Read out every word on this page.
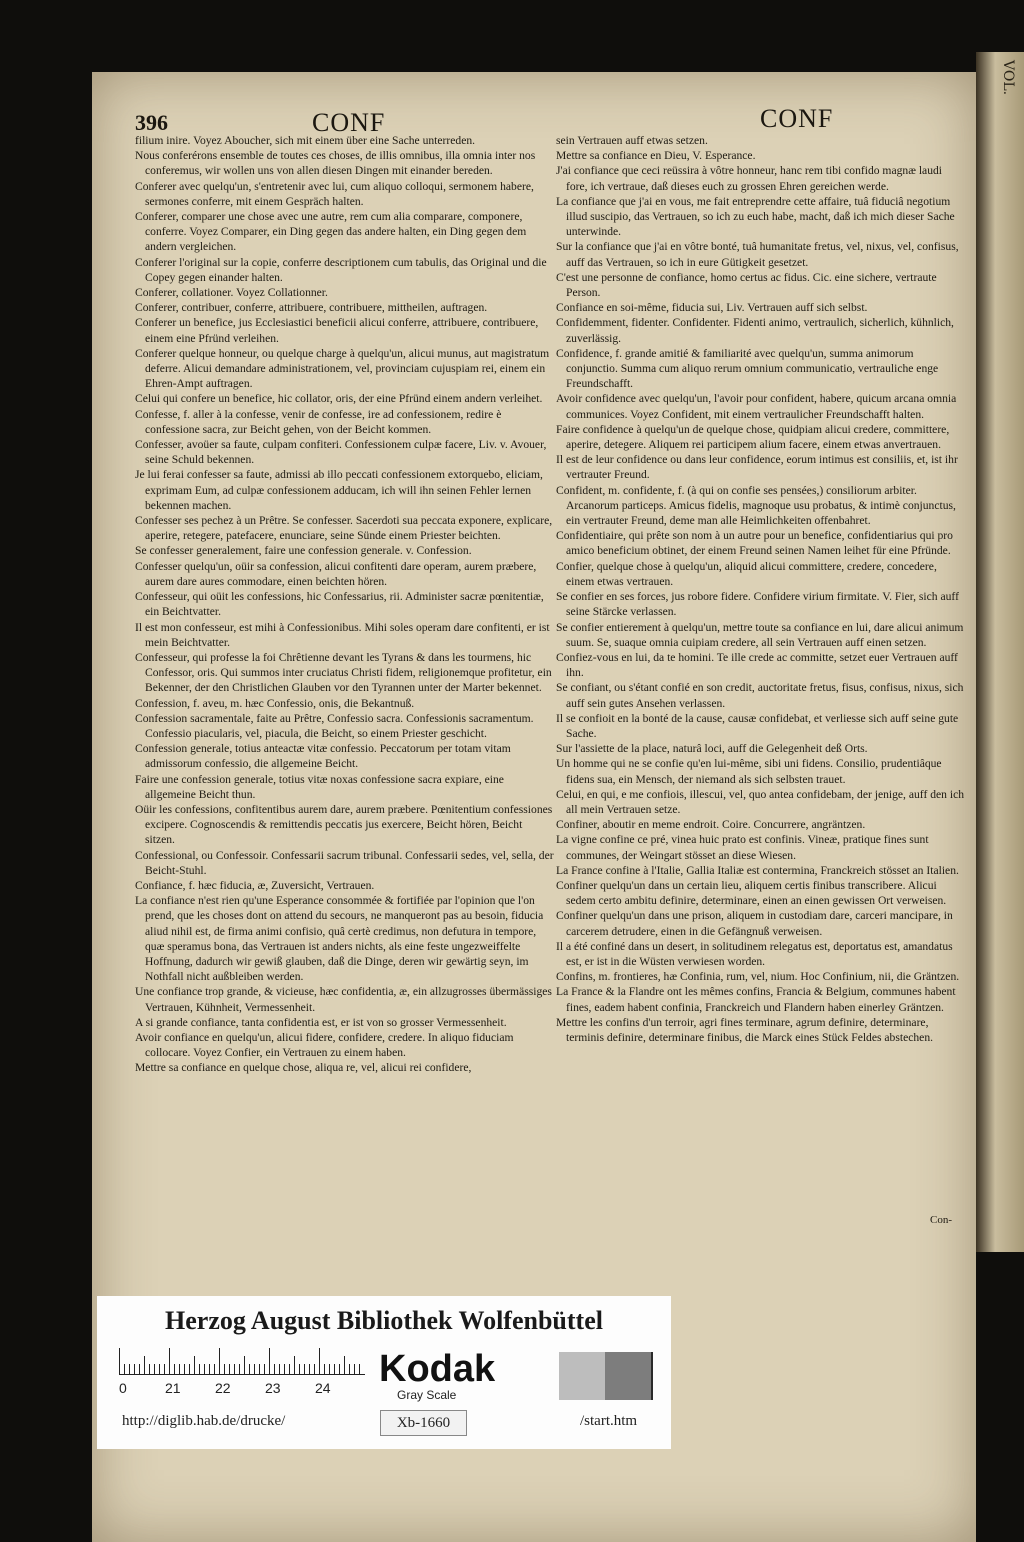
VOL.
396	CONF	CONF

filium inire. Voyez Aboucher, sich mit einem über eine Sache unterreden.

Nous conferérons ensemble de toutes ces choses, de illis omnibus, illa omnia inter nos conferemus, wir wollen uns von allen diesen Dingen mit einander bereden.

Conferer avec quelqu'un, s'entretenir avec lui, cum aliquo colloqui, sermonem habere, sermones conferre, mit einem Gespräch halten.

Conferer, comparer une chose avec une autre, rem cum alia comparare, componere, conferre. Voyez Comparer, ein Ding gegen das andere halten, ein Ding gegen dem andern vergleichen.

Conferer l'original sur la copie, conferre descriptionem cum tabulis, das Original und die Copey gegen einander halten.

Conferer, collationer. Voyez Collationner.

Conferer, contribuer, conferre, attribuere, contribuere, mittheilen, auftragen.

Conferer un benefice, jus Ecclesiastici beneficii alicui conferre, attribuere, contribuere, einem eine Pfründ verleihen.

Conferer quelque honneur, ou quelque charge à quelqu'un, alicui munus, aut magistratum deferre. Alicui demandare administrationem, vel, provinciam cujuspiam rei, einem ein Ehren-Ampt auftragen.

Celui qui confere un benefice, hic collator, oris, der eine Pfründ einem andern verleihet.

Confesse, f. aller à la confesse, venir de confesse, ire ad confessionem, redire è confessione sacra, zur Beicht gehen, von der Beicht kommen.

Confesser, avoüer sa faute, culpam confiteri. Confessionem culpæ facere, Liv. v. Avouer, seine Schuld bekennen.

Je lui ferai confesser sa faute, admissi ab illo peccati confessionem extorquebo, eliciam, exprimam Eum, ad culpæ confessionem adducam, ich will ihn seinen Fehler lernen bekennen machen.

Confesser ses pechez à un Prêtre. Se confesser. Sacerdoti sua peccata exponere, explicare, aperire, retegere, patefacere, enunciare, seine Sünde einem Priester beichten.

Se confesser generalement, faire une confession generale. v. Confession.

Confesser quelqu'un, oüir sa confession, alicui confitenti dare operam, aurem præbere, aurem dare aures commodare, einen beichten hören.

Confesseur, qui oüit les confessions, hic Confessarius, rii. Administer sacræ pœnitentiæ, ein Beichtvatter.

Il est mon confesseur, est mihi à Confessionibus. Mihi soles operam dare confitenti, er ist mein Beichtvatter.

Confesseur, qui professe la foi Chrêtienne devant les Tyrans & dans les tourmens, hic Confessor, oris. Qui summos inter cruciatus Christi fidem, religionemque profitetur, ein Bekenner, der den Christlichen Glauben vor den Tyrannen unter der Marter bekennet.

Confession, f. aveu, m. hæc Confessio, onis, die Bekantnuß.

Confession sacramentale, faite au Prêtre, Confessio sacra. Confessionis sacramentum. Confessio piacularis, vel, piacula, die Beicht, so einem Priester geschicht.

Confession generale, totius anteactæ vitæ confessio. Peccatorum per totam vitam admissorum confessio, die allgemeine Beicht.

Faire une confession generale, totius vitæ noxas confessione sacra expiare, eine allgemeine Beicht thun.

Oüir les confessions, confitentibus aurem dare, aurem præbere. Pœnitentium confessiones excipere. Cognoscendis & remittendis peccatis jus exercere, Beicht hören, Beicht sitzen.

Confessional, ou Confessoir. Confessarii sacrum tribunal. Confessarii sedes, vel, sella, der Beicht-Stuhl.

Confiance, f. hæc fiducia, æ, Zuversicht, Vertrauen.

La confiance n'est rien qu'une Esperance consommée & fortifiée par l'opinion que l'on prend, que les choses dont on attend du secours, ne manqueront pas au besoin, fiducia aliud nihil est, de firma animi confisio, quâ certè credimus, non defutura in tempore, quæ speramus bona, das Vertrauen ist anders nichts, als eine feste ungezweiffelte Hoffnung, dadurch wir gewiß glauben, daß die Dinge, deren wir gewärtig seyn, im Nothfall nicht außbleiben werden.

Une confiance trop grande, & vicieuse, hæc confidentia, æ, ein allzugrosses übermässiges Vertrauen, Kühnheit, Vermessenheit.

A si grande confiance, tanta confidentia est, er ist von so grosser Vermessenheit.

Avoir confiance en quelqu'un, alicui fidere, confidere, credere. In aliquo fiduciam collocare. Voyez Confier, ein Vertrauen zu einem haben.

Mettre sa confiance en quelque chose, aliqua re, vel, alicui rei confidere,

sein Vertrauen auff etwas setzen.

Mettre sa confiance en Dieu, V. Esperance.

J'ai confiance que ceci reüssira à vôtre honneur, hanc rem tibi confido magnæ laudi fore, ich vertraue, daß dieses euch zu grossen Ehren gereichen werde.

La confiance que j'ai en vous, me fait entreprendre cette affaire, tuâ fiduciâ negotium illud suscipio, das Vertrauen, so ich zu euch habe, macht, daß ich mich dieser Sache unterwinde.

Sur la confiance que j'ai en vôtre bonté, tuâ humanitate fretus, vel, nixus, vel, confisus, auff das Vertrauen, so ich in eure Gütigkeit gesetzet.

C'est une personne de confiance, homo certus ac fidus. Cic. eine sichere, vertraute Person.

Confiance en soi-même, fiducia sui, Liv. Vertrauen auff sich selbst.

Confidemment, fidenter. Confidenter. Fidenti animo, vertraulich, sicherlich, kühnlich, zuverlässig.

Confidence, f. grande amitié & familiarité avec quelqu'un, summa animorum conjunctio. Summa cum aliquo rerum omnium communicatio, vertrauliche enge Freundschafft.

Avoir confidence avec quelqu'un, l'avoir pour confident, habere, quicum arcana omnia communices. Voyez Confident, mit einem vertraulicher Freundschafft halten.

Faire confidence à quelqu'un de quelque chose, quidpiam alicui credere, committere, aperire, detegere. Aliquem rei participem alium facere, einem etwas anvertrauen.

Il est de leur confidence ou dans leur confidence, eorum intimus est consiliis, et, ist ihr vertrauter Freund.

Confident, m. confidente, f. (à qui on confie ses pensées,) consiliorum arbiter. Arcanorum particeps. Amicus fidelis, magnoque usu probatus, & intimè conjunctus, ein vertrauter Freund, deme man alle Heimlichkeiten offenbahret.

Confidentiaire, qui prête son nom à un autre pour un benefice, confidentiarius qui pro amico beneficium obtinet, der einem Freund seinen Namen leihet für eine Pfründe.

Confier, quelque chose à quelqu'un, aliquid alicui committere, credere, concedere, einem etwas vertrauen.

Se confier en ses forces, jus robore fidere. Confidere virium firmitate. V. Fier, sich auff seine Stärcke verlassen.

Se confier entierement à quelqu'un, mettre toute sa confiance en lui, dare alicui animum suum. Se, suaque omnia cuipiam credere, all sein Vertrauen auff einen setzen.

Confiez-vous en lui, da te homini. Te ille crede ac committe, setzet euer Vertrauen auff ihn.

Se confiant, ou s'étant confié en son credit, auctoritate fretus, fisus, confisus, nixus, sich auff sein gutes Ansehen verlassen.

Il se confioit en la bonté de la cause, causæ confidebat, et verliesse sich auff seine gute Sache.

Sur l'assiette de la place, naturâ loci, auff die Gelegenheit deß Orts.

Un homme qui ne se confie qu'en lui-même, sibi uni fidens. Consilio, prudentiâque fidens sua, ein Mensch, der niemand als sich selbsten trauet.

Celui, en qui, e me confiois, illescui, vel, quo antea confidebam, der jenige, auff den ich all mein Vertrauen setze.

Confiner, aboutir en meme endroit. Coire. Concurrere, angräntzen.

La vigne confine ce pré, vinea huic prato est confinis. Vineæ, pratique fines sunt communes, der Weingart stösset an diese Wiesen.

La France confine à l'Italie, Gallia Italiæ est contermina, Franckreich stösset an Italien.

Confiner quelqu'un dans un certain lieu, aliquem certis finibus transcribere. Alicui sedem certo ambitu definire, determinare, einen an einen gewissen Ort verweisen.

Confiner quelqu'un dans une prison, aliquem in custodiam dare, carceri mancipare, in carcerem detrudere, einen in die Gefängnuß verweisen.

Il a été confiné dans un desert, in solitudinem relegatus est, deportatus est, amandatus est, er ist in die Wüsten verwiesen worden.

Confins, m. frontieres, hæ Confinia, rum, vel, nium. Hoc Confinium, nii, die Gräntzen.

La France & la Flandre ont les mêmes confins, Francia & Belgium, communes habent fines, eadem habent confinia, Franckreich und Flandern haben einerley Gräntzen.

Mettre les confins d'un terroir, agri fines terminare, agrum definire, determinare, terminis definire, determinare finibus, die Marck eines Stück Feldes abstechen.

Con-
Herzog August Bibliothek Wolfenbüttel
0	21 22 23 24 Kodak
Gray Scale
http://diglib.hab.de/drucke/	Xb-1660	/start.htm
